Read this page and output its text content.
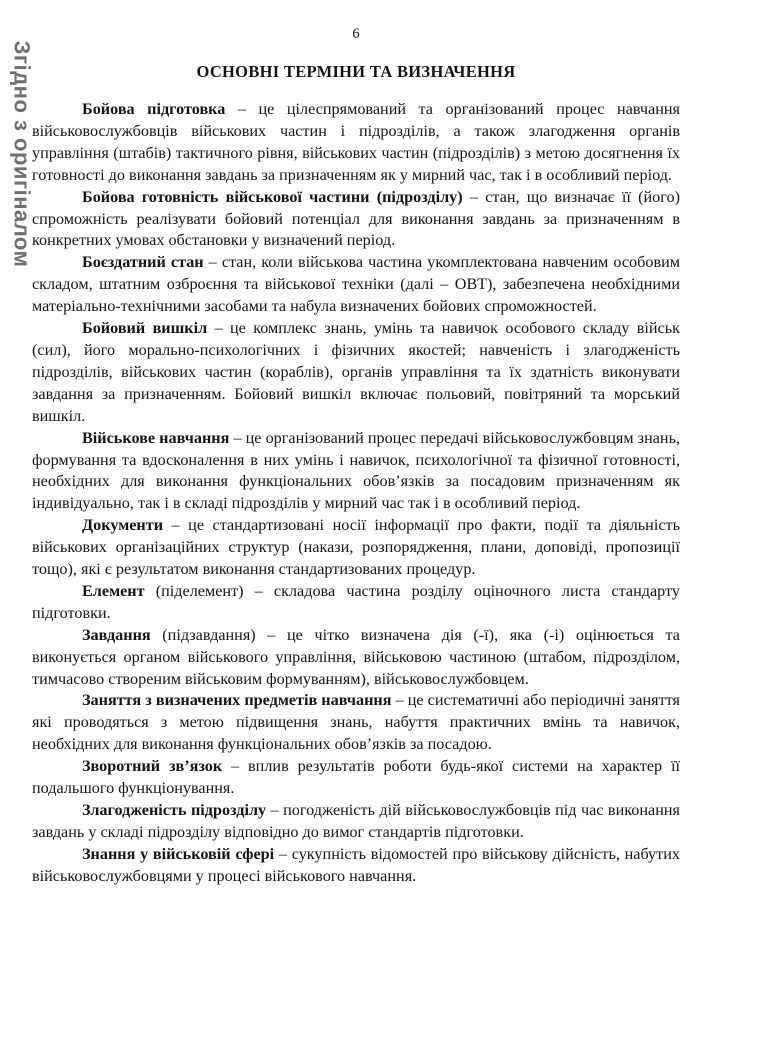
Згідно з оригіналом
6
ОСНОВНІ ТЕРМІНИ ТА ВИЗНАЧЕННЯ

Бойова підготовка – це цілеспрямований та організований процес навчання військовослужбовців військових частин і підрозділів, а також злагодження органів управління (штабів) тактичного рівня, військових частин (підрозділів) з метою досягнення їх готовності до виконання завдань за призначенням як у мирний час, так і в особливий період.

Бойова готовність військової частини (підрозділу) – стан, що визначає її (його) спроможність реалізувати бойовий потенціал для виконання завдань за призначенням в конкретних умовах обстановки у визначений період.

Боєздатний стан – стан, коли військова частина укомплектована навченим особовим складом, штатним озброєння та військової техніки (далі – ОВТ), забезпечена необхідними матеріально-технічними засобами та набула визначених бойових спроможностей.

Бойовий вишкіл – це комплекс знань, умінь та навичок особового складу військ (сил), його морально-психологічних і фізичних якостей; навченість і злагодженість підрозділів, військових частин (кораблів), органів управління та їх здатність виконувати завдання за призначенням. Бойовий вишкіл включає польовий, повітряний та морський вишкіл.

Військове навчання – це організований процес передачі військовослужбовцям знань, формування та вдосконалення в них умінь і навичок, психологічної та фізичної готовності, необхідних для виконання функціональних обов’язків за посадовим призначенням як індивідуально, так і в складі підрозділів у мирний час так і в особливий період.

Документи – це стандартизовані носії інформації про факти, події та діяльність військових організаційних структур (накази, розпорядження, плани, доповіді, пропозиції тощо), які є результатом виконання стандартизованих процедур.

Елемент (піделемент) – складова частина розділу оціночного листа стандарту підготовки.

Завдання (підзавдання) – це чітко визначена дія (-ї), яка (-і) оцінюється та виконується органом військового управління, військовою частиною (штабом, підрозділом, тимчасово створеним військовим формуванням), військовослужбовцем.

Заняття з визначених предметів навчання – це систематичні або періодичні заняття які проводяться з метою підвищення знань, набуття практичних вмінь та навичок, необхідних для виконання функціональних обов’язків за посадою.

Зворотний зв’язок – вплив результатів роботи будь-якої системи на характер її подальшого функціонування.

Злагодженість підрозділу – погодженість дій військовослужбовців під час виконання завдань у складі підрозділу відповідно до вимог стандартів підготовки.

Знання у військовій сфері – сукупність відомостей про військову дійсність, набутих військовослужбовцями у процесі військового навчання.
